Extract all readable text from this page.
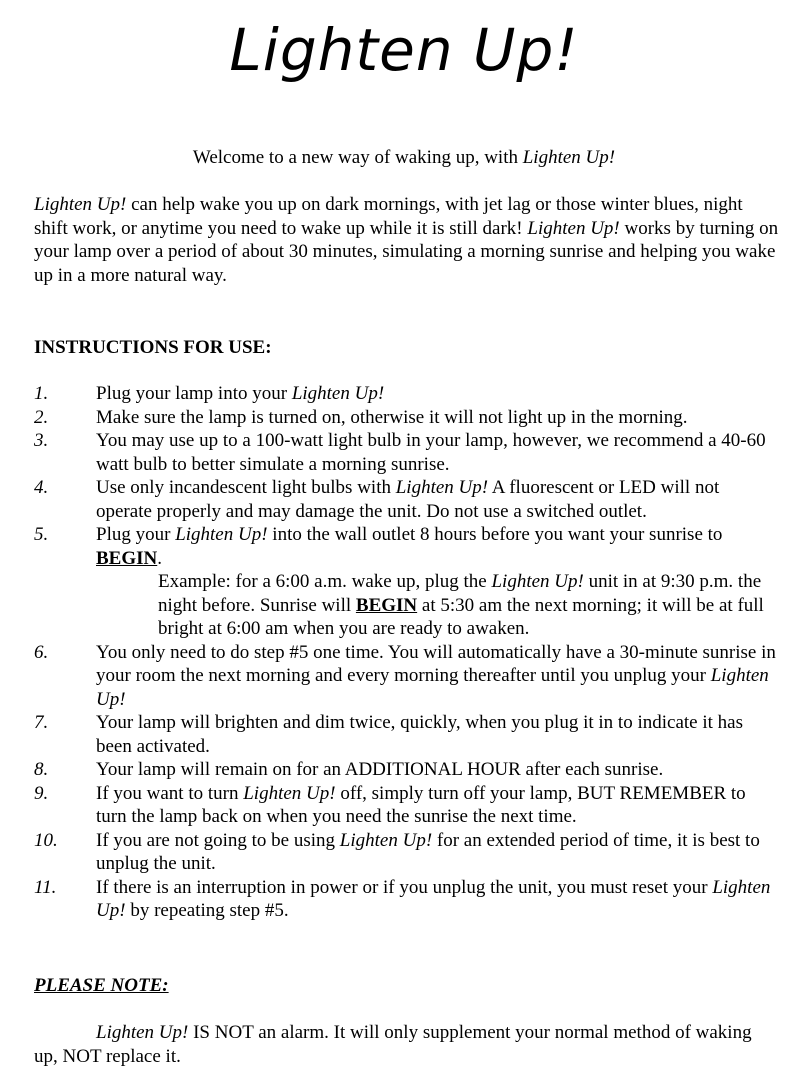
Lighten Up!
Welcome to a new way of waking up, with Lighten Up!
Lighten Up! can help wake you up on dark mornings, with jet lag or those winter blues, night shift work, or anytime you need to wake up while it is still dark! Lighten Up! works by turning on your lamp over a period of about 30 minutes, simulating a morning sunrise and helping you wake up in a more natural way.
INSTRUCTIONS FOR USE:
1.	Plug your lamp into your Lighten Up!
2.	Make sure the lamp is turned on, otherwise it will not light up in the morning.
3.	You may use up to a 100-watt light bulb in your lamp, however, we recommend a 40-60 watt bulb to better simulate a morning sunrise.
4.	Use only incandescent light bulbs with Lighten Up! A fluorescent or LED will not operate properly and may damage the unit. Do not use a switched outlet.
5.	Plug your Lighten Up! into the wall outlet 8 hours before you want your sunrise to BEGIN.
Example: for a 6:00 a.m. wake up, plug the Lighten Up! unit in at 9:30 p.m. the night before. Sunrise will BEGIN at 5:30 am the next morning; it will be at full bright at 6:00 am when you are ready to awaken.
6.	You only need to do step #5 one time. You will automatically have a 30-minute sunrise in your room the next morning and every morning thereafter until you unplug your Lighten Up!
7.	Your lamp will brighten and dim twice, quickly, when you plug it in to indicate it has been activated.
8.	Your lamp will remain on for an ADDITIONAL HOUR after each sunrise.
9.	If you want to turn Lighten Up! off, simply turn off your lamp, BUT REMEMBER to turn the lamp back on when you need the sunrise the next time.
10. If you are not going to be using Lighten Up! for an extended period of time, it is best to unplug the unit.
11. If there is an interruption in power or if you unplug the unit, you must reset your Lighten Up! by repeating step #5.
PLEASE NOTE:
Lighten Up! IS NOT an alarm. It will only supplement your normal method of waking up, NOT replace it.
